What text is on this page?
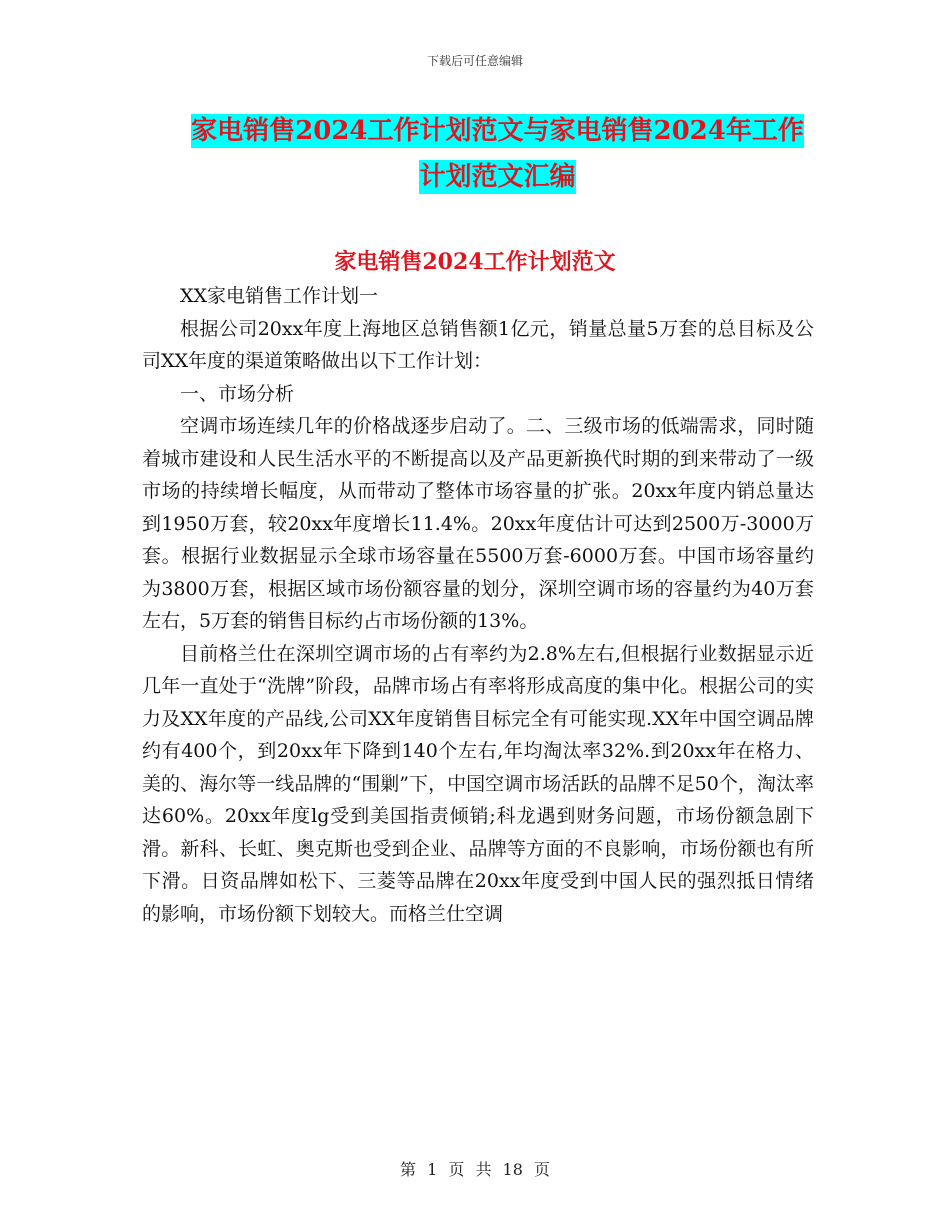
下载后可任意编辑
家电销售2024工作计划范文与家电销售2024年工作
计划范文汇编
家电销售2024工作计划范文

XX家电销售工作计划一

根据公司20xx年度上海地区总销售额1亿元，销量总量5万套的总目标及公司XX年度的渠道策略做出以下工作计划：

一、市场分析

空调市场连续几年的价格战逐步启动了。二、三级市场的低端需求，同时随着城市建设和人民生活水平的不断提高以及产品更新换代时期的到来带动了一级市场的持续增长幅度，从而带动了整体市场容量的扩张。20xx年度内销总量达到1950万套，较20xx年度增长11.4%。20xx年度估计可达到2500万-3000万套。根据行业数据显示全球市场容量在5500万套-6000万套。中国市场容量约为3800万套，根据区域市场份额容量的划分，深圳空调市场的容量约为40万套左右，5万套的销售目标约占市场份额的13%。

目前格兰仕在深圳空调市场的占有率约为2.8%左右,但根据行业数据显示近几年一直处于“洗牌”阶段，品牌市场占有率将形成高度的集中化。根据公司的实力及XX年度的产品线,公司XX年度销售目标完全有可能实现.XX年中国空调品牌约有400个，到20xx年下降到140个左右,年均淘汰率32%.到20xx年在格力、美的、海尔等一线品牌的“围剿”下，中国空调市场活跃的品牌不足50个，淘汰率达60%。20xx年度lg受到美国指责倾销;科龙遇到财务问题，市场份额急剧下滑。新科、长虹、奥克斯也受到企业、品牌等方面的不良影响，市场份额也有所下滑。日资品牌如松下、三菱等品牌在20xx年度受到中国人民的强烈抵日情绪的影响，市场份额下划较大。而格兰仕空调

第 1 页 共 18 页
